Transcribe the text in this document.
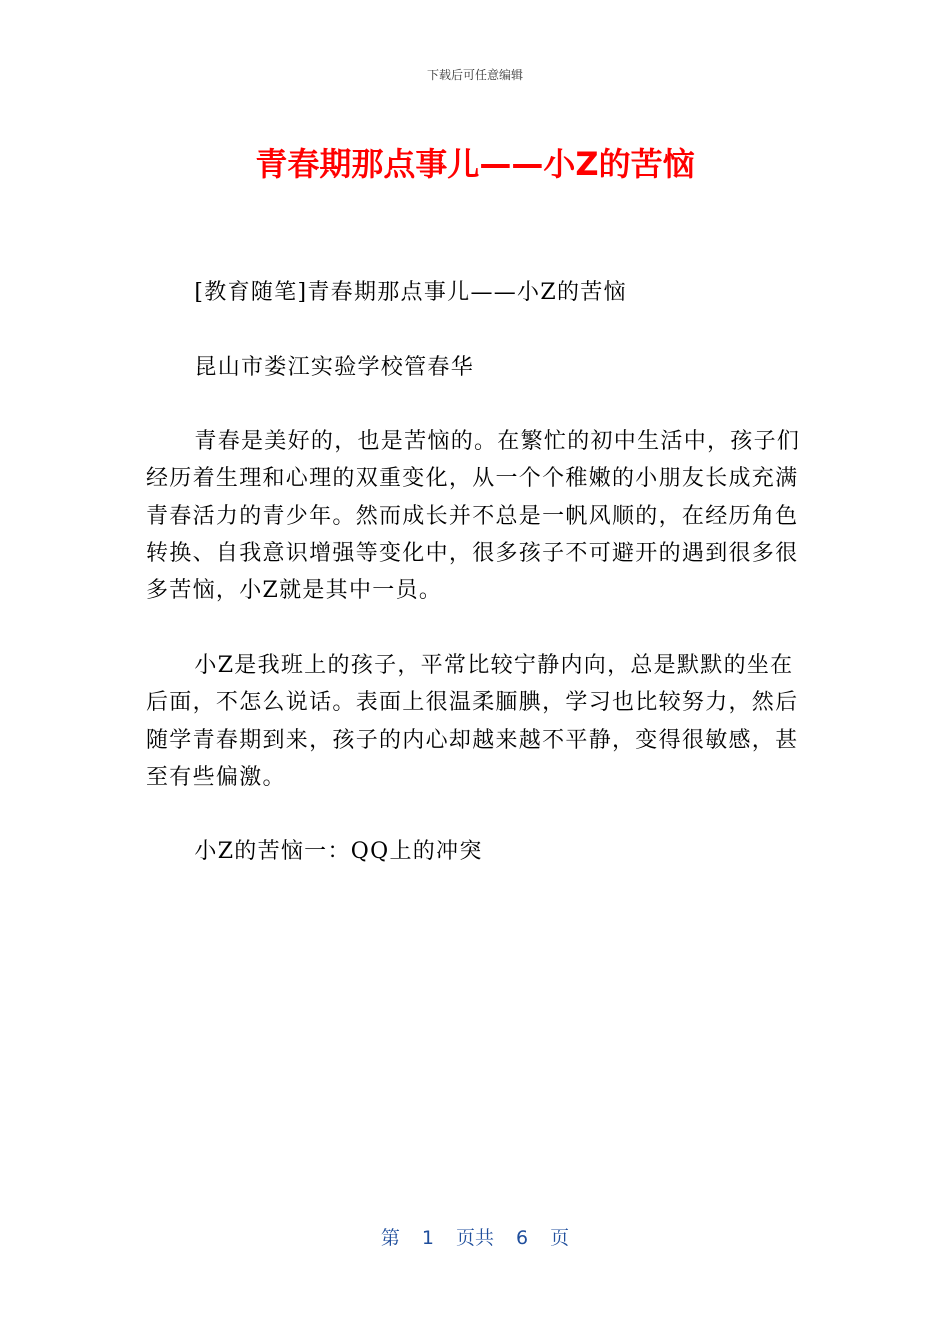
下载后可任意编辑
青春期那点事儿——小Z的苦恼

[教育随笔]青春期那点事儿——小Z的苦恼

昆山市娄江实验学校管春华

青春是美好的，也是苦恼的。在繁忙的初中生活中，孩子们经历着生理和心理的双重变化，从一个个稚嫩的小朋友长成充满青春活力的青少年。然而成长并不总是一帆风顺的，在经历角色转换、自我意识增强等变化中，很多孩子不可避开的遇到很多很多苦恼，小Z就是其中一员。

小Z是我班上的孩子，平常比较宁静内向，总是默默的坐在后面，不怎么说话。表面上很温柔腼腆，学习也比较努力，然后随学青春期到来，孩子的内心却越来越不平静，变得很敏感，甚至有些偏激。

小Z的苦恼一：QQ上的冲突

第 1 页共 6 页
